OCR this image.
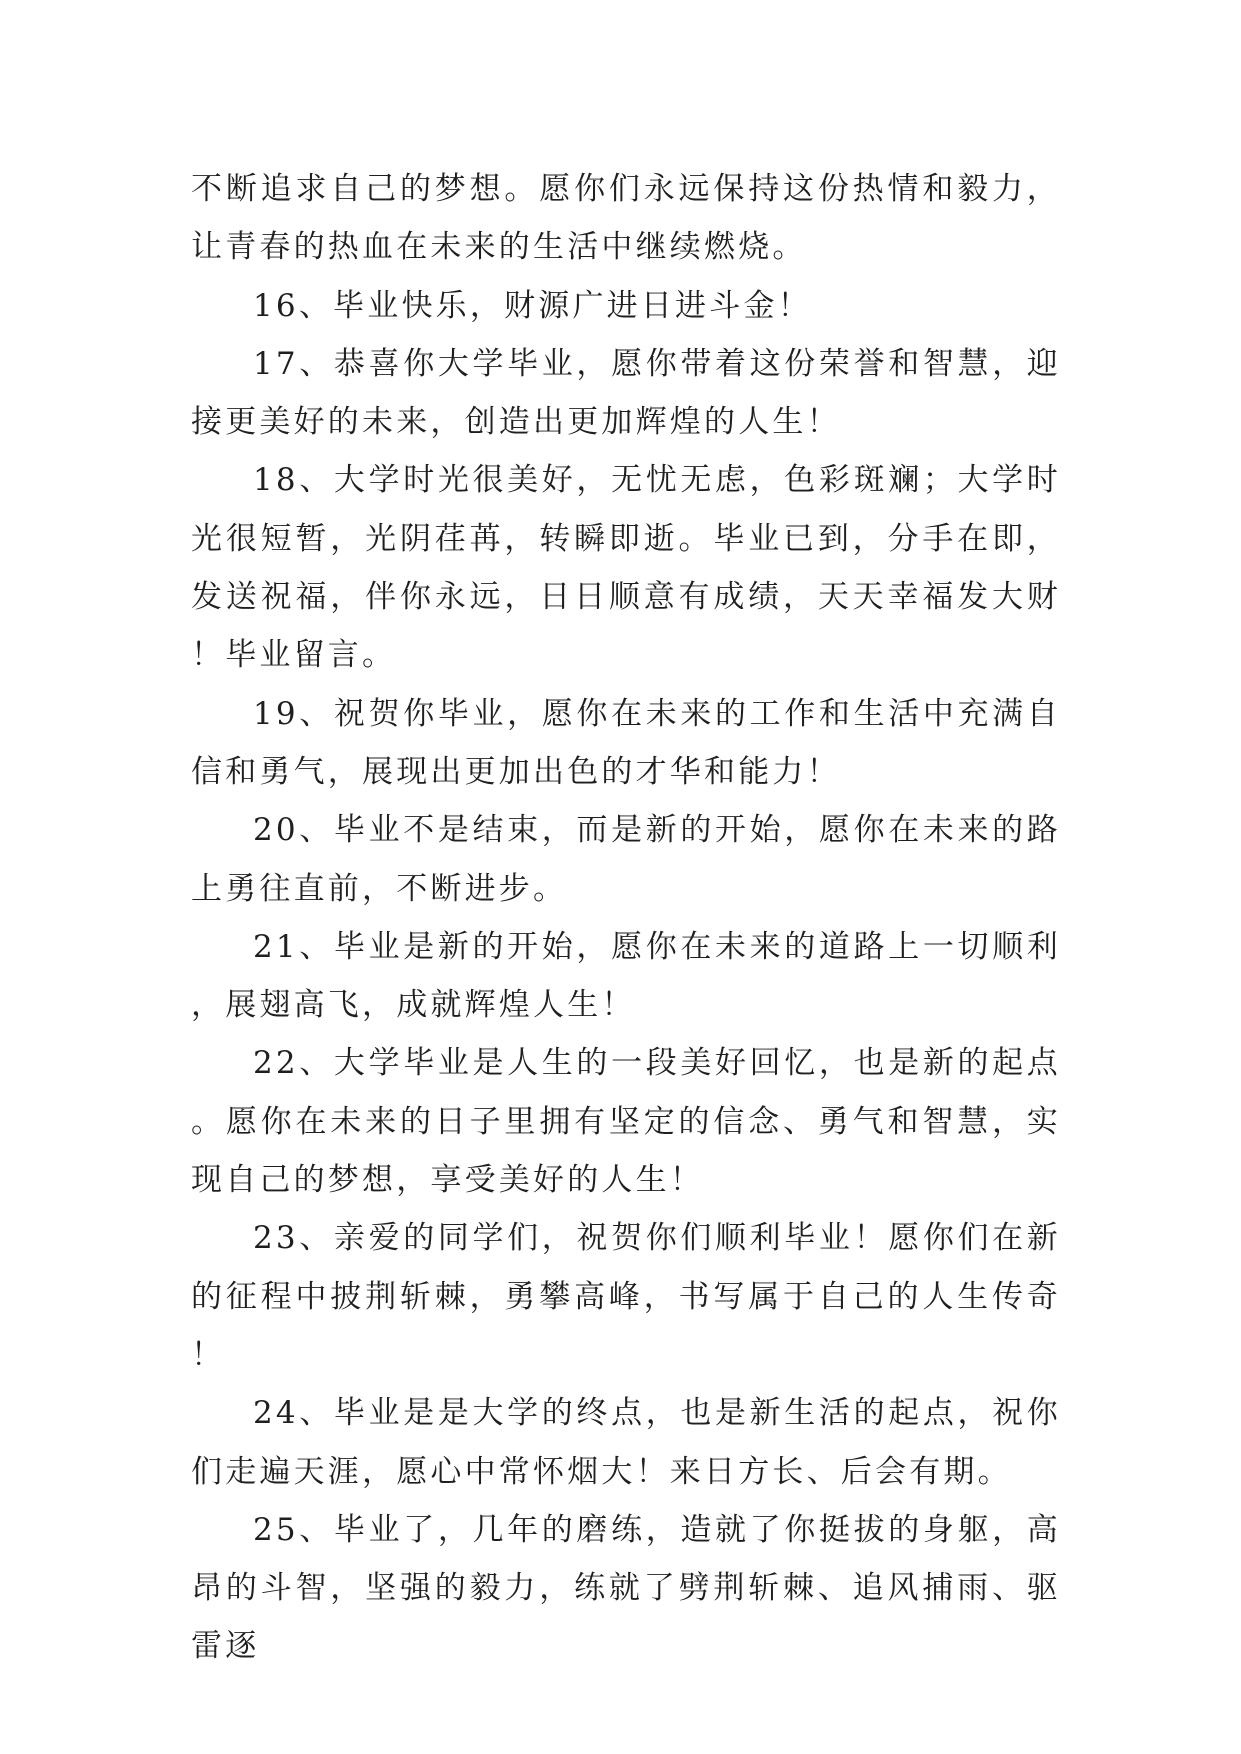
不断追求自己的梦想。愿你们永远保持这份热情和毅力，让青春的热血在未来的生活中继续燃烧。

16、毕业快乐，财源广进日进斗金！

17、恭喜你大学毕业，愿你带着这份荣誉和智慧，迎接更美好的未来，创造出更加辉煌的人生！

18、大学时光很美好，无忧无虑，色彩斑斓；大学时光很短暂，光阴荏苒，转瞬即逝。毕业已到，分手在即，发送祝福，伴你永远，日日顺意有成绩，天天幸福发大财！毕业留言。

19、祝贺你毕业，愿你在未来的工作和生活中充满自信和勇气，展现出更加出色的才华和能力！

20、毕业不是结束，而是新的开始，愿你在未来的路上勇往直前，不断进步。

21、毕业是新的开始，愿你在未来的道路上一切顺利，展翅高飞，成就辉煌人生！

22、大学毕业是人生的一段美好回忆，也是新的起点。愿你在未来的日子里拥有坚定的信念、勇气和智慧，实现自己的梦想，享受美好的人生！

23、亲爱的同学们，祝贺你们顺利毕业！愿你们在新的征程中披荆斩棘，勇攀高峰，书写属于自己的人生传奇！

24、毕业是是大学的终点，也是新生活的起点，祝你们走遍天涯，愿心中常怀烟大！来日方长、后会有期。

25、毕业了，几年的磨练，造就了你挺拔的身躯，高昂的斗智，坚强的毅力，练就了劈荆斩棘、追风捕雨、驱雷逐
